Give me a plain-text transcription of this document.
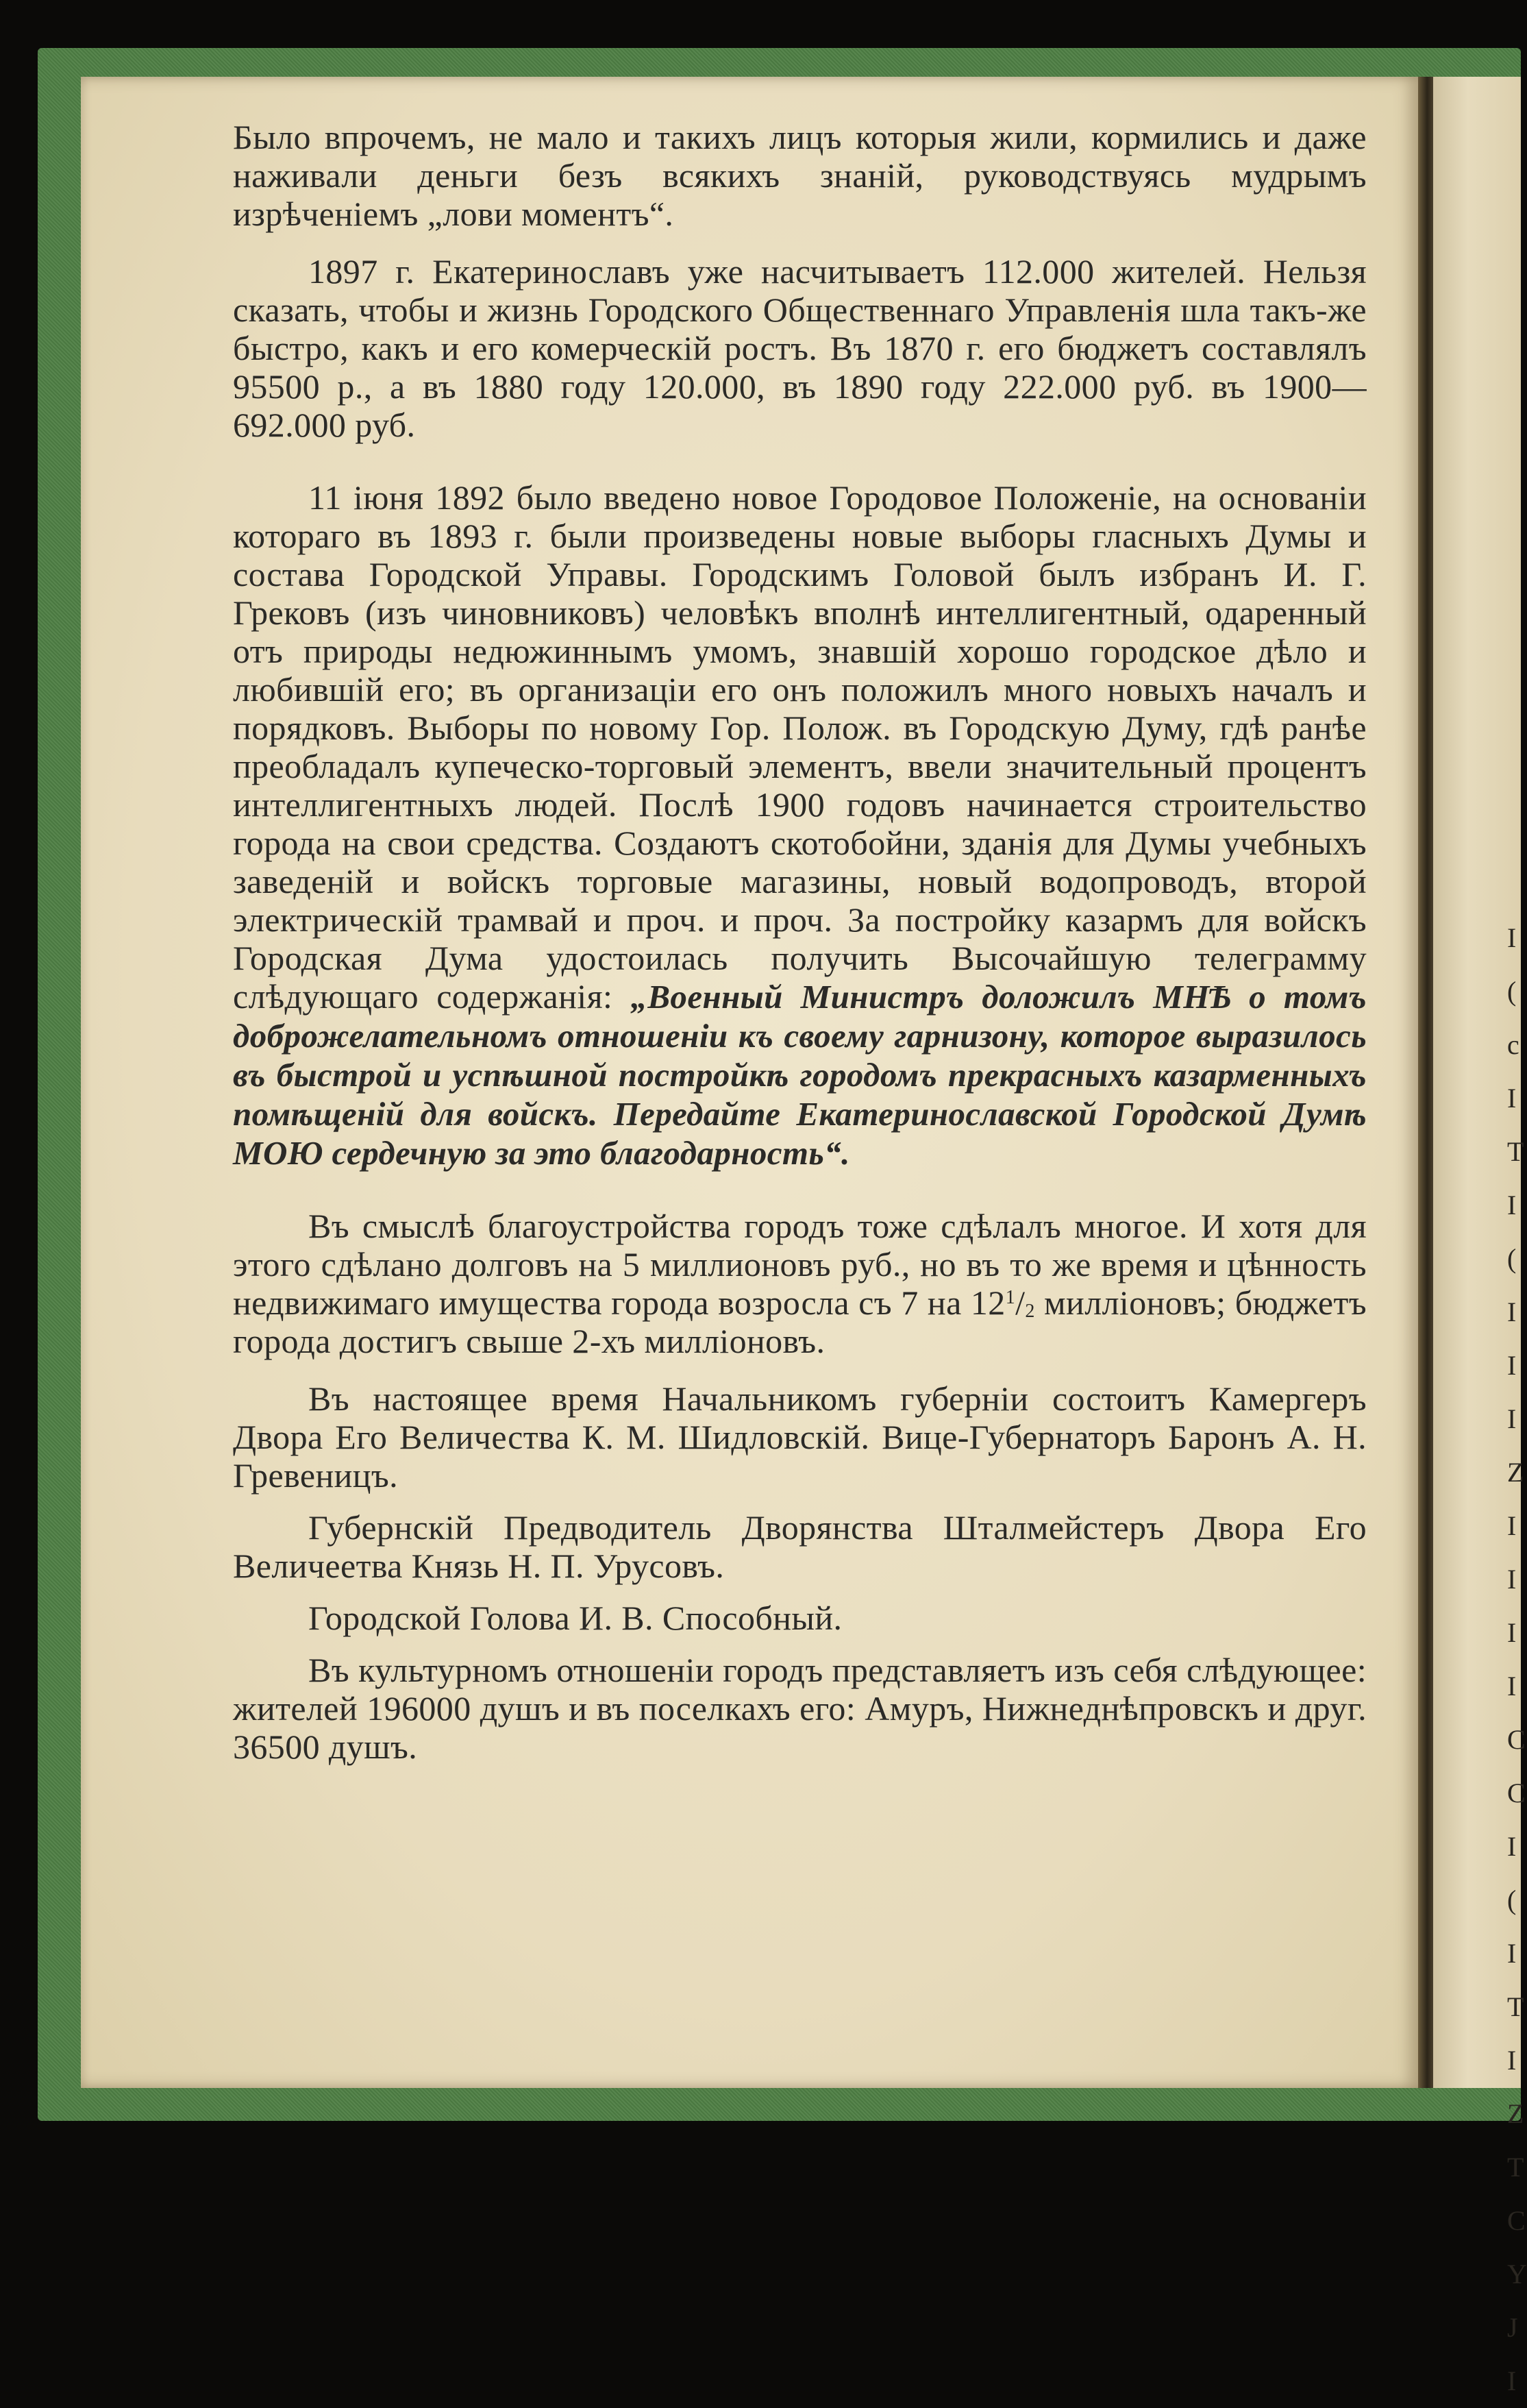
I
(
c
I
T
I
(
I
I
I
Z
I
I
I
I
C
C
I
(
I
T
I
Z
T
C
Y
J
I

Было впрочемъ, не мало и такихъ лицъ которыя жили, кормились и даже наживали деньги безъ всякихъ знаній, руководствуясь мудрымъ изрѣченіемъ „лови моментъ“.

1897 г. Екатеринославъ уже насчитываетъ 112.000 жителей. Нельзя сказать, чтобы и жизнь Городского Общественнаго Управленія шла такъ-же быстро, какъ и его комерческій ростъ. Въ 1870 г. его бюджетъ составлялъ 95500 р., а въ 1880 году 120.000, въ 1890 году 222.000 руб. въ 1900— 692.000 руб.

11 іюня 1892 было введено новое Городовое Положеніе, на основаніи котораго въ 1893 г. были произведены новые выборы гласныхъ Думы и состава Городской Управы. Городскимъ Головой былъ избранъ И. Г. Грековъ (изъ чиновниковъ) человѣкъ вполнѣ интеллигентный, одаренный отъ природы недюжиннымъ умомъ, знавшій хорошо городское дѣло и любившій его; въ организаціи его онъ положилъ много новыхъ началъ и порядковъ. Выборы по новому Гор. Полож. въ Городскую Думу, гдѣ ранѣе преобладалъ купеческо-торговый элементъ, ввели значительный процентъ интеллигентныхъ людей. Послѣ 1900 годовъ начинается строительство города на свои средства. Создаютъ скотобойни, зданія для Думы учебныхъ заведеній и войскъ торговые магазины, новый водопроводъ, второй электрическій трамвай и проч. и проч. За постройку казармъ для войскъ Городская Дума удостоилась получить Высочайшую телеграмму слѣдующаго содержанія: „Военный Министръ доложилъ МНѢ о томъ доброжелательномъ отношеніи къ своему гарнизону, которое выразилось въ быстрой и успѣшной постройкѣ городомъ прекрасныхъ казарменныхъ помѣщеній для войскъ. Передайте Екатеринославской Городской Думѣ МОЮ сердечную за это благодарность“.

Въ смыслѣ благоустройства городъ тоже сдѣлалъ многое. И хотя для этого сдѣлано долговъ на 5 миллионовъ руб., но въ то же время и цѣнность недвижимаго имущества города возросла съ 7 на $12^1/_2$ милліоновъ; бюджетъ города достигъ свыше 2-хъ милліоновъ.

Въ настоящее время Начальникомъ губерніи состоитъ Камергеръ Двора Его Величества К. М. Шидловскій. Вице-Губернаторъ Баронъ А. Н. Гревеницъ.

Губернскій Предводитель Дворянства Шталмейстеръ Двора Его Величеетва Князь Н. П. Урусовъ.

Городской Голова И. В. Способный.

Въ культурномъ отношеніи городъ представляетъ изъ себя слѣдующее: жителей 196000 душъ и въ поселкахъ его: Амуръ, Нижнеднѣпровскъ и друг. 36500 душъ.
